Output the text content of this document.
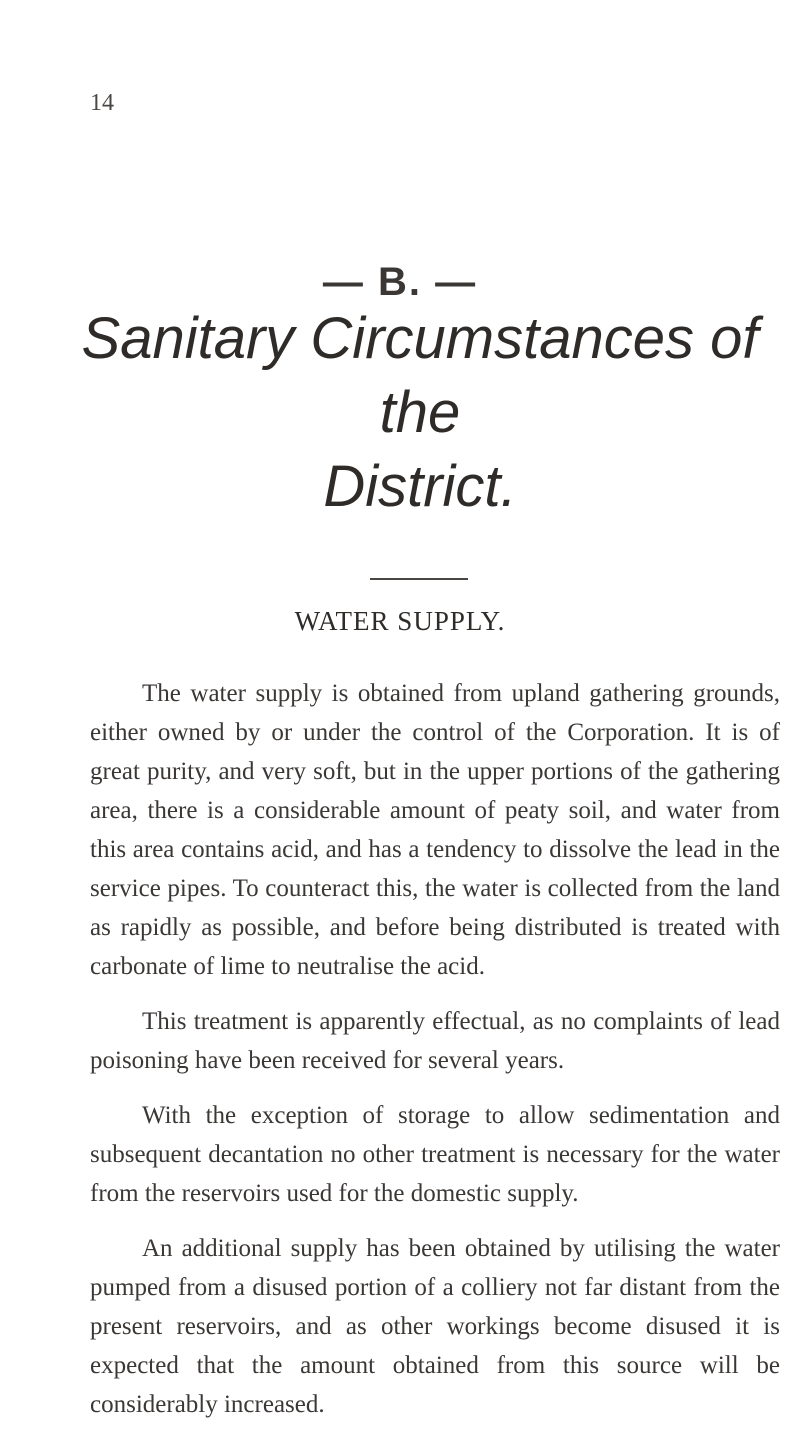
14
— B. —
Sanitary Circumstances of the
District.
WATER SUPPLY.

The water supply is obtained from upland gathering grounds, either owned by or under the control of the Corporation. It is of great purity, and very soft, but in the upper portions of the gathering area, there is a considerable amount of peaty soil, and water from this area contains acid, and has a tendency to dissolve the lead in the service pipes. To counteract this, the water is collected from the land as rapidly as possible, and before being distributed is treated with carbonate of lime to neutralise the acid.

This treatment is apparently effectual, as no complaints of lead poisoning have been received for several years.

With the exception of storage to allow sedimentation and subsequent decantation no other treatment is necessary for the water from the reservoirs used for the domestic supply.

An additional supply has been obtained by utilising the water pumped from a disused portion of a colliery not far distant from the present reservoirs, and as other workings become disused it is expected that the amount obtained from this source will be considerably increased.
